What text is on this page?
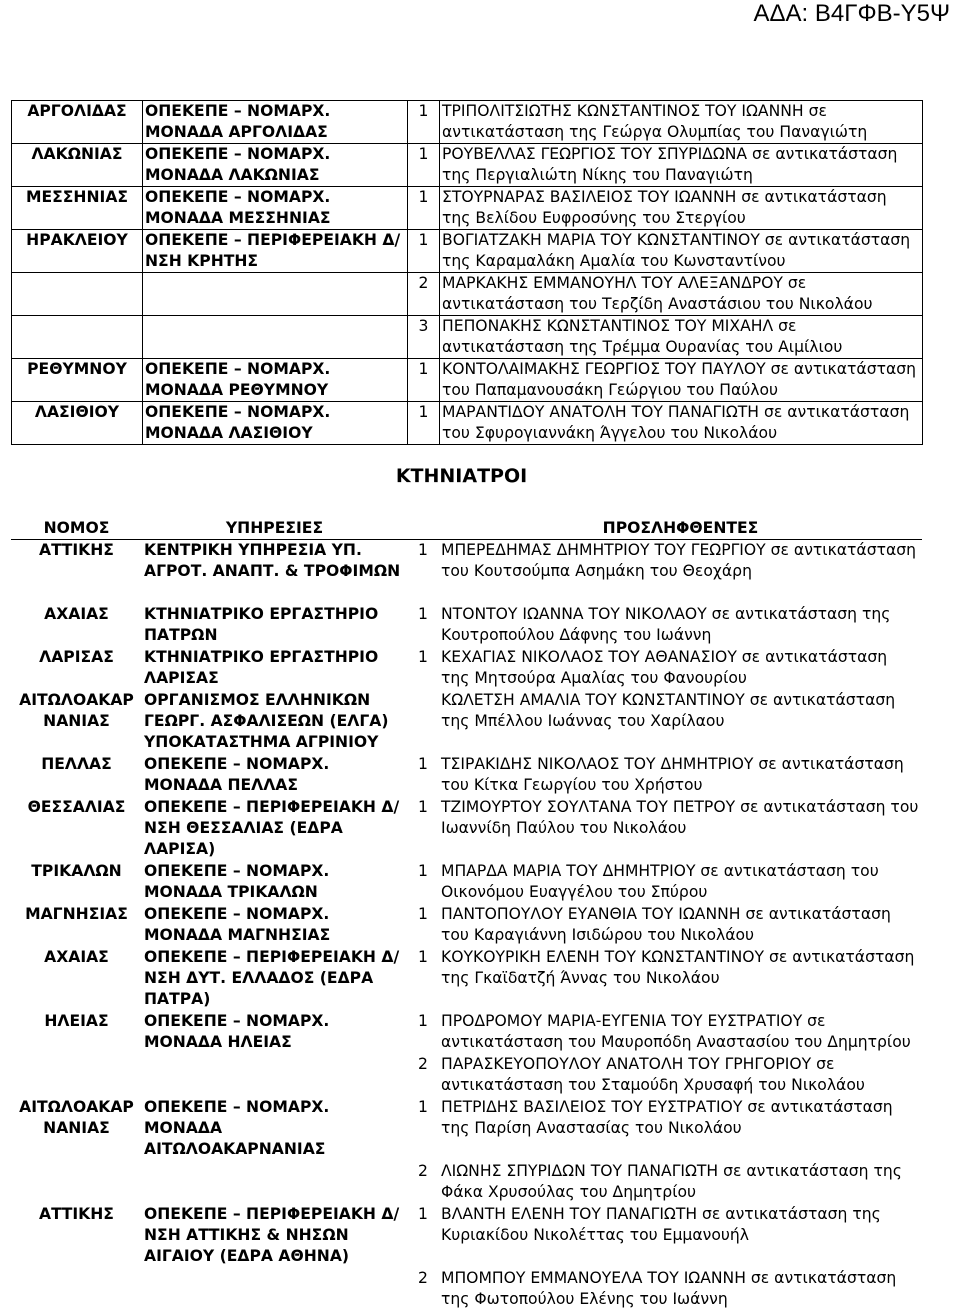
ΑΔΑ: Β4ΓΦΒ-Υ5Ψ
ΑΡΓΟΛΙΔΑΣ	ΟΠΕΚΕΠΕ – ΝΟΜΑΡΧ. ΜΟΝΑΔΑ ΑΡΓΟΛΙΔΑΣ	1	ΤΡΙΠΟΛΙΤΣΙΩΤΗΣ ΚΩΝΣΤΑΝΤΙΝΟΣ ΤΟΥ ΙΩΑΝΝΗ σε αντικατάσταση της Γεώργα Ολυμπίας του Παναγιώτη
ΛΑΚΩΝΙΑΣ	ΟΠΕΚΕΠΕ – ΝΟΜΑΡΧ. ΜΟΝΑΔΑ ΛΑΚΩΝΙΑΣ	1	ΡΟΥΒΕΛΛΑΣ ΓΕΩΡΓΙΟΣ ΤΟΥ ΣΠΥΡΙΔΩΝΑ σε αντικατάσταση της Περγιαλιώτη Νίκης του Παναγιώτη
ΜΕΣΣΗΝΙΑΣ	ΟΠΕΚΕΠΕ – ΝΟΜΑΡΧ. ΜΟΝΑΔΑ ΜΕΣΣΗΝΙΑΣ	1	ΣΤΟΥΡΝΑΡΑΣ ΒΑΣΙΛΕΙΟΣ ΤΟΥ ΙΩΑΝΝΗ σε αντικατάσταση της Βελίδου Ευφροσύνης του Στεργίου
ΗΡΑΚΛΕΙΟΥ	ΟΠΕΚΕΠΕ – ΠΕΡΙΦΕΡΕΙΑΚΗ Δ/ΝΣΗ ΚΡΗΤΗΣ	1	ΒΟΓΙΑΤΖΑΚΗ ΜΑΡΙΑ ΤΟΥ ΚΩΝΣΤΑΝΤΙΝΟΥ σε αντικατάσταση της Καραμαλάκη Αμαλία του Κωνσταντίνου
		2	ΜΑΡΚΑΚΗΣ ΕΜΜΑΝΟΥΗΛ ΤΟΥ ΑΛΕΞΑΝΔΡΟΥ σε αντικατάσταση του Τερζίδη Αναστάσιου του Νικολάου
		3	ΠΕΠΟΝΑΚΗΣ ΚΩΝΣΤΑΝΤΙΝΟΣ ΤΟΥ ΜΙΧΑΗΛ σε αντικατάσταση της Τρέμμα Ουρανίας του Αιμίλιου
ΡΕΘΥΜΝΟΥ	ΟΠΕΚΕΠΕ – ΝΟΜΑΡΧ. ΜΟΝΑΔΑ ΡΕΘΥΜΝΟΥ	1	ΚΟΝΤΟΛΑΙΜΑΚΗΣ ΓΕΩΡΓΙΟΣ ΤΟΥ ΠΑΥΛΟΥ σε αντικατάσταση του Παπαμανουσάκη Γεώργιου του Παύλου
ΛΑΣΙΘΙΟΥ	ΟΠΕΚΕΠΕ – ΝΟΜΑΡΧ. ΜΟΝΑΔΑ ΛΑΣΙΘΙΟΥ	1	ΜΑΡΑΝΤΙΔΟΥ ΑΝΑΤΟΛΗ ΤΟΥ ΠΑΝΑΓΙΩΤΗ σε αντικατάσταση του Σφυρογιαννάκη Άγγελου του Νικολάου
ΚΤΗΝΙΑΤΡΟΙ
ΝΟΜΟΣ	ΥΠΗΡΕΣΙΕΣ		ΠΡΟΣΛΗΦΘΕΝΤΕΣ
ΑΤΤΙΚΗΣ	ΚΕΝΤΡΙΚΗ ΥΠΗΡΕΣΙΑ ΥΠ. ΑΓΡΟΤ. ΑΝΑΠΤ. & ΤΡΟΦΙΜΩΝ	1	ΜΠΕΡΕΔΗΜΑΣ ΔΗΜΗΤΡΙΟΥ ΤΟΥ ΓΕΩΡΓΙΟΥ σε αντικατάσταση του Κουτσούμπα Ασημάκη του Θεοχάρη
ΑΧΑΙΑΣ	ΚΤΗΝΙΑΤΡΙΚΟ ΕΡΓΑΣΤΗΡΙΟ ΠΑΤΡΩΝ	1	ΝΤΟΝΤΟΥ ΙΩΑΝΝΑ ΤΟΥ ΝΙΚΟΛΑΟΥ σε αντικατάσταση της Κουτροπούλου Δάφνης του Ιωάννη
ΛΑΡΙΣΑΣ	ΚΤΗΝΙΑΤΡΙΚΟ ΕΡΓΑΣΤΗΡΙΟ ΛΑΡΙΣΑΣ	1	ΚΕΧΑΓΙΑΣ ΝΙΚΟΛΑΟΣ ΤΟΥ ΑΘΑΝΑΣΙΟΥ σε αντικατάσταση της Μητσούρα Αμαλίας του Φανουρίου
ΑΙΤΩΛΟΑΚΑΡ ΝΑΝΙΑΣ	ΟΡΓΑΝΙΣΜΟΣ ΕΛΛΗΝΙΚΩΝ ΓΕΩΡΓ. ΑΣΦΑΛΙΣΕΩΝ (ΕΛΓΑ) ΥΠΟΚΑΤΑΣΤΗΜΑ ΑΓΡΙΝΙΟΥ		ΚΩΛΕΤΣΗ ΑΜΑΛΙΑ ΤΟΥ ΚΩΝΣΤΑΝΤΙΝΟΥ σε αντικατάσταση της Μπέλλου Ιωάννας του Χαρίλαου
ΠΕΛΛΑΣ	ΟΠΕΚΕΠΕ – ΝΟΜΑΡΧ. ΜΟΝΑΔΑ ΠΕΛΛΑΣ	1	ΤΣΙΡΑΚΙΔΗΣ ΝΙΚΟΛΑΟΣ ΤΟΥ ΔΗΜΗΤΡΙΟΥ σε αντικατάσταση του Κίτκα Γεωργίου του Χρήστου
ΘΕΣΣΑΛΙΑΣ	ΟΠΕΚΕΠΕ – ΠΕΡΙΦΕΡΕΙΑΚΗ Δ/ΝΣΗ ΘΕΣΣΑΛΙΑΣ (ΕΔΡΑ ΛΑΡΙΣΑ)	1	ΤΖΙΜΟΥΡΤΟΥ ΣΟΥΛΤΑΝΑ ΤΟΥ ΠΕΤΡΟΥ σε αντικατάσταση του Ιωαννίδη Παύλου του Νικολάου
ΤΡΙΚΑΛΩΝ	ΟΠΕΚΕΠΕ – ΝΟΜΑΡΧ. ΜΟΝΑΔΑ ΤΡΙΚΑΛΩΝ	1	ΜΠΑΡΔΑ ΜΑΡΙΑ ΤΟΥ ΔΗΜΗΤΡΙΟΥ σε αντικατάσταση του Οικονόμου Ευαγγέλου του Σπύρου
ΜΑΓΝΗΣΙΑΣ	ΟΠΕΚΕΠΕ – ΝΟΜΑΡΧ. ΜΟΝΑΔΑ ΜΑΓΝΗΣΙΑΣ	1	ΠΑΝΤΟΠΟΥΛΟΥ ΕΥΑΝΘΙΑ ΤΟΥ ΙΩΑΝΝΗ σε αντικατάσταση του Καραγιάννη Ισιδώρου του Νικολάου
ΑΧΑΙΑΣ	ΟΠΕΚΕΠΕ – ΠΕΡΙΦΕΡΕΙΑΚΗ Δ/ΝΣΗ ΔΥΤ. ΕΛΛΑΔΟΣ (ΕΔΡΑ ΠΑΤΡΑ)	1	ΚΟΥΚΟΥΡΙΚΗ ΕΛΕΝΗ ΤΟΥ ΚΩΝΣΤΑΝΤΙΝΟΥ σε αντικατάσταση της Γκαϊδατζή Άννας του Νικολάου
ΗΛΕΙΑΣ	ΟΠΕΚΕΠΕ – ΝΟΜΑΡΧ. ΜΟΝΑΔΑ ΗΛΕΙΑΣ	1	ΠΡΟΔΡΟΜΟΥ ΜΑΡΙΑ-ΕΥΓΕΝΙΑ ΤΟΥ ΕΥΣΤΡΑΤΙΟΥ σε αντικατάσταση του Μαυροπόδη Αναστασίου του Δημητρίου
		2	ΠΑΡΑΣΚΕΥΟΠΟΥΛΟΥ ΑΝΑΤΟΛΗ ΤΟΥ ΓΡΗΓΟΡΙΟΥ σε αντικατάσταση του Σταμούδη Χρυσαφή του Νικολάου
ΑΙΤΩΛΟΑΚΑΡ ΝΑΝΙΑΣ	ΟΠΕΚΕΠΕ – ΝΟΜΑΡΧ. ΜΟΝΑΔΑ ΑΙΤΩΛΟΑΚΑΡΝΑΝΙΑΣ	1	ΠΕΤΡΙΔΗΣ ΒΑΣΙΛΕΙΟΣ ΤΟΥ ΕΥΣΤΡΑΤΙΟΥ σε αντικατάσταση της Παρίση Αναστασίας του Νικολάου
		2	ΛΙΩΝΗΣ ΣΠΥΡΙΔΩΝ ΤΟΥ ΠΑΝΑΓΙΩΤΗ σε αντικατάσταση της Φάκα Χρυσούλας του Δημητρίου
ΑΤΤΙΚΗΣ	ΟΠΕΚΕΠΕ – ΠΕΡΙΦΕΡΕΙΑΚΗ Δ/ΝΣΗ ΑΤΤΙΚΗΣ & ΝΗΣΩΝ ΑΙΓΑΙΟΥ (ΕΔΡΑ ΑΘΗΝΑ)	1	ΒΛΑΝΤΗ ΕΛΕΝΗ ΤΟΥ ΠΑΝΑΓΙΩΤΗ σε αντικατάσταση της Κυριακίδου Νικολέττας του Εμμανουήλ
		2	ΜΠΟΜΠΟΥ ΕΜΜΑΝΟΥΕΛΑ ΤΟΥ ΙΩΑΝΝΗ σε αντικατάσταση της Φωτοπούλου Ελένης του Ιωάννη
